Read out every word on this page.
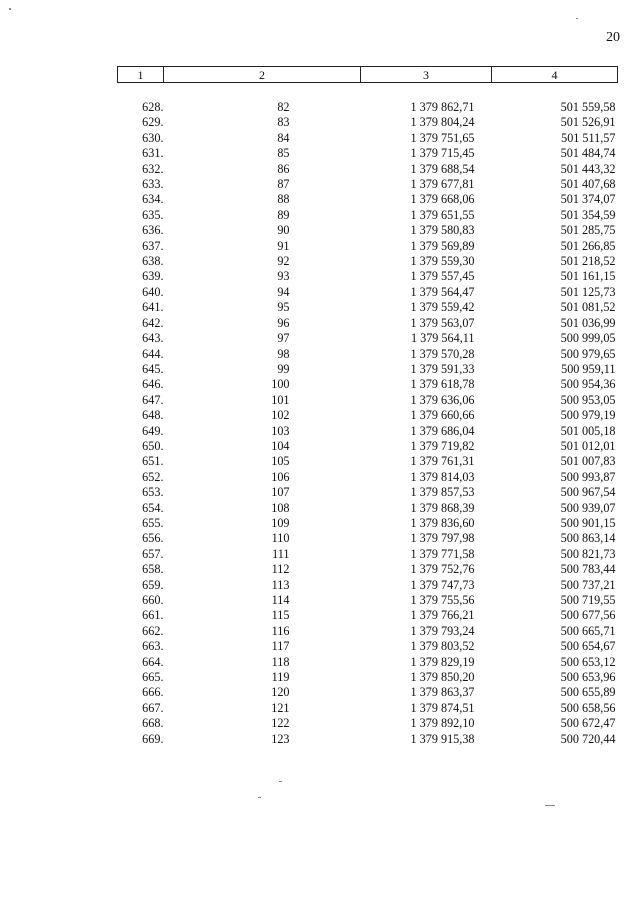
20
1	2	3	4

628.	82	1 379 862,71	501 559,58
629.	83	1 379 804,24	501 526,91
630.	84	1 379 751,65	501 511,57
631.	85	1 379 715,45	501 484,74
632.	86	1 379 688,54	501 443,32
633.	87	1 379 677,81	501 407,68
634.	88	1 379 668,06	501 374,07
635.	89	1 379 651,55	501 354,59
636.	90	1 379 580,83	501 285,75
637.	91	1 379 569,89	501 266,85
638.	92	1 379 559,30	501 218,52
639.	93	1 379 557,45	501 161,15
640.	94	1 379 564,47	501 125,73
641.	95	1 379 559,42	501 081,52
642.	96	1 379 563,07	501 036,99
643.	97	1 379 564,11	500 999,05
644.	98	1 379 570,28	500 979,65
645.	99	1 379 591,33	500 959,11
646.	100	1 379 618,78	500 954,36
647.	101	1 379 636,06	500 953,05
648.	102	1 379 660,66	500 979,19
649.	103	1 379 686,04	501 005,18
650.	104	1 379 719,82	501 012,01
651.	105	1 379 761,31	501 007,83
652.	106	1 379 814,03	500 993,87
653.	107	1 379 857,53	500 967,54
654.	108	1 379 868,39	500 939,07
655.	109	1 379 836,60	500 901,15
656.	110	1 379 797,98	500 863,14
657.	111	1 379 771,58	500 821,73
658.	112	1 379 752,76	500 783,44
659.	113	1 379 747,73	500 737,21
660.	114	1 379 755,56	500 719,55
661.	115	1 379 766,21	500 677,56
662.	116	1 379 793,24	500 665,71
663.	117	1 379 803,52	500 654,67
664.	118	1 379 829,19	500 653,12
665.	119	1 379 850,20	500 653,96
666.	120	1 379 863,37	500 655,89
667.	121	1 379 874,51	500 658,56
668.	122	1 379 892,10	500 672,47
669.	123	1 379 915,38	500 720,44
